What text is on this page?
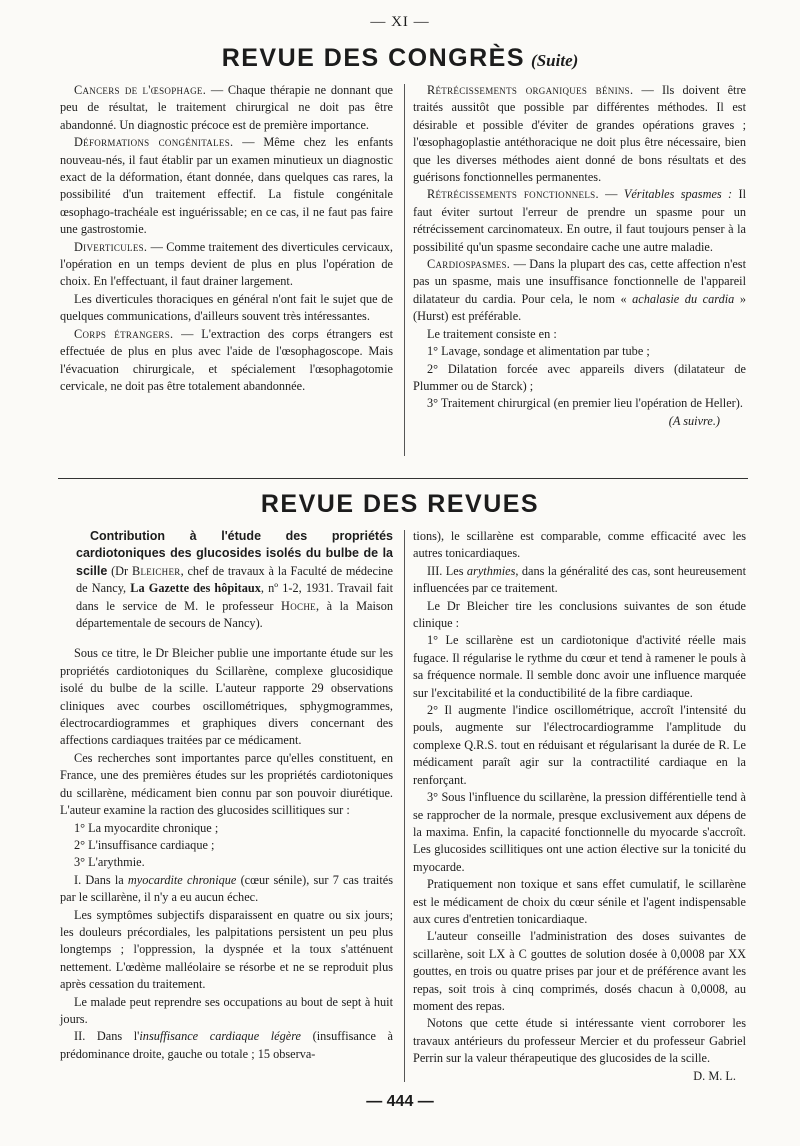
— XI —
REVUE DES CONGRÈS (Suite)

Cancers de l'œsophage. — Chaque thérapie ne donnant que peu de résultat, le traitement chirurgical ne doit pas être abandonné. Un diagnostic précoce est de première importance.

Déformations congénitales. — Même chez les enfants nouveau-nés, il faut établir par un examen minutieux un diagnostic exact de la déformation, étant donnée, dans quelques cas rares, la possibilité d'un traitement effectif. La fistule congénitale œsophago-trachéale est inguérissable; en ce cas, il ne faut pas faire une gastrostomie.

Diverticules. — Comme traitement des diverticules cervicaux, l'opération en un temps devient de plus en plus l'opération de choix. En l'effectuant, il faut drainer largement.

Les diverticules thoraciques en général n'ont fait le sujet que de quelques communications, d'ailleurs souvent très intéressantes.

Corps étrangers. — L'extraction des corps étrangers est effectuée de plus en plus avec l'aide de l'œsophagoscope. Mais l'évacuation chirurgicale, et spécialement l'œsophagotomie cervicale, ne doit pas être totalement abandonnée.

Rétrécissements organiques bénins. — Ils doivent être traités aussitôt que possible par différentes méthodes. Il est désirable et possible d'éviter de grandes opérations graves ; l'œsophagoplastie antéthoracique ne doit plus être nécessaire, bien que les diverses méthodes aient donné de bons résultats et des guérisons fonctionnelles permanentes.

Rétrécissements fonctionnels. — Véritables spasmes : Il faut éviter surtout l'erreur de prendre un spasme pour un rétrécissement carcinomateux. En outre, il faut toujours penser à la possibilité qu'un spasme secondaire cache une autre maladie.

Cardiospasmes. — Dans la plupart des cas, cette affection n'est pas un spasme, mais une insuffisance fonctionnelle de l'appareil dilatateur du cardia. Pour cela, le nom « achalasie du cardia » (Hurst) est préférable.

Le traitement consiste en :

1° Lavage, sondage et alimentation par tube ;

2° Dilatation forcée avec appareils divers (dilatateur de Plummer ou de Starck) ;

3° Traitement chirurgical (en premier lieu l'opération de Heller).

(A suivre.)

REVUE DES REVUES

Contribution à l'étude des propriétés cardiotoniques des glucosides isolés du bulbe de la scille (Dr Bleicher, chef de travaux à la Faculté de médecine de Nancy, La Gazette des hôpitaux, nº 1-2, 1931. Travail fait dans le service de M. le professeur Hoche, à la Maison départementale de secours de Nancy).

Sous ce titre, le Dr Bleicher publie une importante étude sur les propriétés cardiotoniques du Scillarène, complexe glucosidique isolé du bulbe de la scille. L'auteur rapporte 29 observations cliniques avec courbes oscillométriques, sphygmogrammes, électrocardiogrammes et graphiques divers concernant des affections cardiaques traitées par ce médicament.

Ces recherches sont importantes parce qu'elles constituent, en France, une des premières études sur les propriétés cardiotoniques du scillarène, médicament bien connu par son pouvoir diurétique. L'auteur examine la raction des glucosides scillitiques sur :

1° La myocardite chronique ;

2° L'insuffisance cardiaque ;

3° L'arythmie.

I. Dans la myocardite chronique (cœur sénile), sur 7 cas traités par le scillarène, il n'y a eu aucun échec.

Les symptômes subjectifs disparaissent en quatre ou six jours; les douleurs précordiales, les palpitations persistent un peu plus longtemps ; l'oppression, la dyspnée et la toux s'atténuent nettement. L'œdème malléolaire se résorbe et ne se reproduit plus après cessation du traitement.

Le malade peut reprendre ses occupations au bout de sept à huit jours.

II. Dans l'insuffisance cardiaque légère (insuffisance à prédominance droite, gauche ou totale ; 15 observa-

tions), le scillarène est comparable, comme efficacité avec les autres tonicardiaques.

III. Les arythmies, dans la généralité des cas, sont heureusement influencées par ce traitement.

Le Dr Bleicher tire les conclusions suivantes de son étude clinique :

1° Le scillarène est un cardiotonique d'activité réelle mais fugace. Il régularise le rythme du cœur et tend à ramener le pouls à sa fréquence normale. Il semble donc avoir une influence marquée sur l'excitabilité et la conductibilité de la fibre cardiaque.

2° Il augmente l'indice oscillométrique, accroît l'intensité du pouls, augmente sur l'électrocardiogramme l'amplitude du complexe Q.R.S. tout en réduisant et régularisant la durée de R. Le médicament paraît agir sur la contractilité cardiaque en la renforçant.

3° Sous l'influence du scillarène, la pression différentielle tend à se rapprocher de la normale, presque exclusivement aux dépens de la maxima. Enfin, la capacité fonctionnelle du myocarde s'accroît. Les glucosides scillitiques ont une action élective sur la tonicité du myocarde.

Pratiquement non toxique et sans effet cumulatif, le scillarène est le médicament de choix du cœur sénile et l'agent indispensable aux cures d'entretien tonicardiaque.

L'auteur conseille l'administration des doses suivantes de scillarène, soit LX à C gouttes de solution dosée à 0,0008 par XX gouttes, en trois ou quatre prises par jour et de préférence avant les repas, soit trois à cinq comprimés, dosés chacun à 0,0008, au moment des repas.

Notons que cette étude si intéressante vient corroborer les travaux antérieurs du professeur Mercier et du professeur Gabriel Perrin sur la valeur thérapeutique des glucosides de la scille.

D. M. L.

— 444 —
